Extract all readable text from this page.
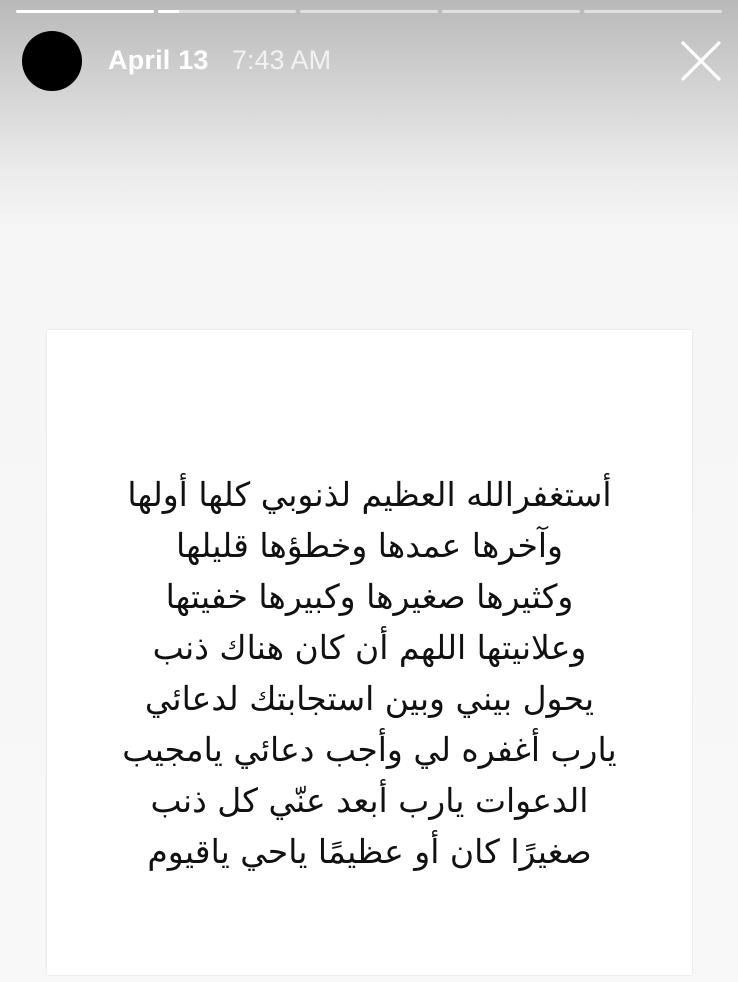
April 13 7:43 AM
أستغفرالله العظيم لذنوبي كلها أولها
وآخرها عمدها وخطؤها قليلها
وكثيرها صغيرها وكبيرها خفيتها
وعلانيتها اللهم أن كان هناك ذنب
يحول بيني وبين استجابتك لدعائي
يارب أغفره لي وأجب دعائي يامجيب
الدعوات يارب أبعد عنّي كل ذنب
صغيرًا كان أو عظيمًا ياحي ياقيوم
